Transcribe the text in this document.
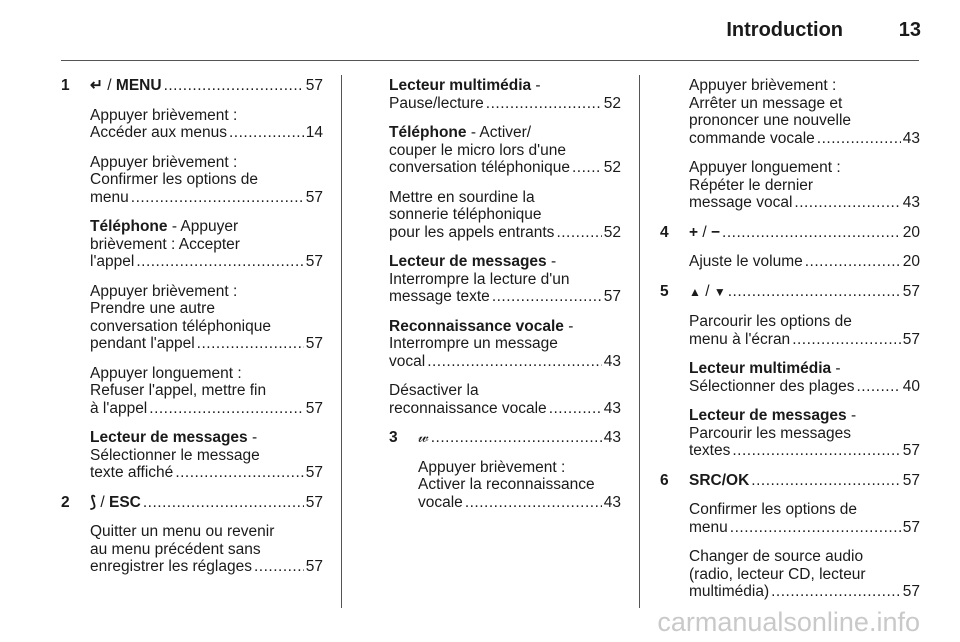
Introduction	13
1 ↵ / MENU .....	57
Appuyer brièvement :
Accéder aux menus .....	14
Appuyer brièvement :
Confirmer les options de
menu .....	57
Téléphone - Appuyer
brièvement : Accepter
l'appel .....	57
Appuyer brièvement :
Prendre une autre
conversation téléphonique
pendant l'appel .....	57
Appuyer longuement :
Refuser l'appel, mettre fin
à l'appel .....	57
Lecteur de messages -
Sélectionner le message
texte affiché .....	57
2 ⟆ / ESC .....	57
Quitter un menu ou revenir
au menu précédent sans
enregistrer les réglages .....	57
Lecteur multimédia -
Pause/lecture .....	52
Téléphone - Activer/
couper le micro lors d'une
conversation téléphonique ..... 52
Mettre en sourdine la
sonnerie téléphonique
pour les appels entrants .....	52
Lecteur de messages -
Interrompre la lecture d'un
message texte .....	57
Reconnaissance vocale -
Interrompre un message
vocal .....	43
Désactiver la
reconnaissance vocale .....	43
3 𝓌 .....	43
Appuyer brièvement :
Activer la reconnaissance
vocale .....	43
Appuyer brièvement :
Arrêter un message et
prononcer une nouvelle
commande vocale .....	43
Appuyer longuement :
Répéter le dernier
message vocal .....	43
4 + / − .....	20
Ajuste le volume .....	20
5 ▲ / ▼ .....	57
Parcourir les options de
menu à l'écran .....	57
Lecteur multimédia -
Sélectionner des plages .....	40
Lecteur de messages -
Parcourir les messages
textes .....	57
6 SRC/OK .....	57
Confirmer les options de
menu .....	57
Changer de source audio
(radio, lecteur CD, lecteur
multimédia) .....	57
carmanualsonline.info
